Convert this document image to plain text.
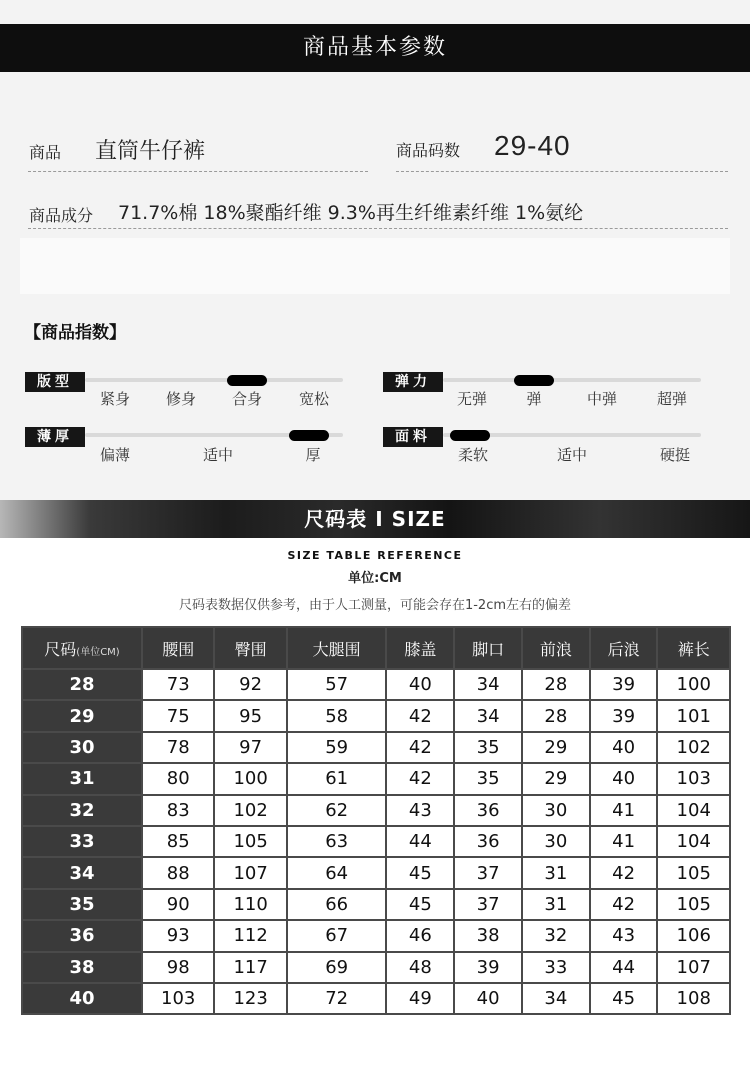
商品基本参数
商品 直筒牛仔裤	商品码数 29-40
商品成分 71.7%棉 18%聚酯纤维 9.3%再生纤维素纤维 1%氨纶
【商品指数】
版型
紧身 修身 合身 宽松
弹力
无弹	弹	中弹	超弹
薄厚
偏薄	适中	厚
面料
柔软	适中	硬挺
尺码表 I SIZE
SIZE TABLE REFERENCE
单位:CM
尺码表数据仅供参考，由于人工测量，可能会存在1-2cm左右的偏差
尺码(单位CM)	腰围	臀围	大腿围	膝盖	脚口	前浪	后浪	裤长
28	73	92	57	40	34	28	39	100
29	75	95	58	42	34	28	39	101
30	78	97	59	42	35	29	40	102
31	80	100	61	42	35	29	40	103
32	83	102	62	43	36	30	41	104
33	85	105	63	44	36	30	41	104
34	88	107	64	45	37	31	42	105
35	90	110	66	45	37	31	42	105
36	93	112	67	46	38	32	43	106
38	98	117	69	48	39	33	44	107
40	103	123	72	49	40	34	45	108
